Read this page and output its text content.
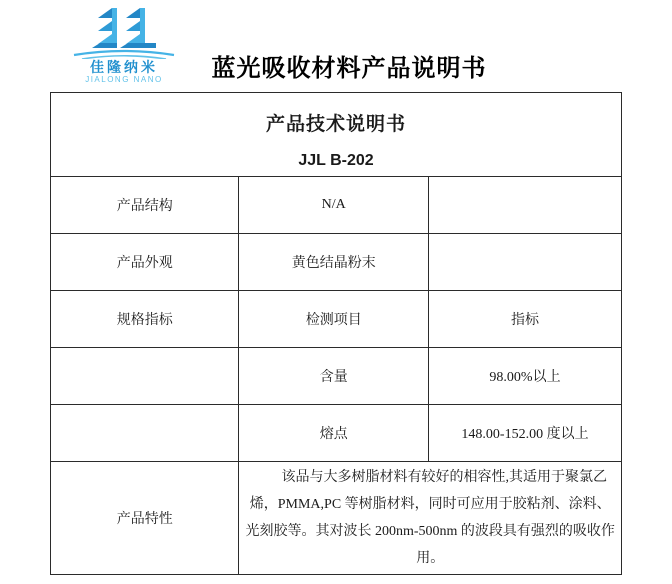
佳隆纳米
JIALONG NANO	蓝光吸收材料产品说明书
产品技术说明书
JJL B-202		

产品结构	N/A	
产品外观	黄色结晶粉末	
规格指标	检测项目	指标
	含量	98.00%以上
	熔点	148.00-152.00 度以上
产品特性	该品与大多树脂材料有较好的相容性,其适用于聚氯乙烯，PMMA,PC 等树脂材料，同时可应用于胶粘剂、涂料、光刻胶等。其对波长 200nm-500nm 的波段具有强烈的吸收作用。	
